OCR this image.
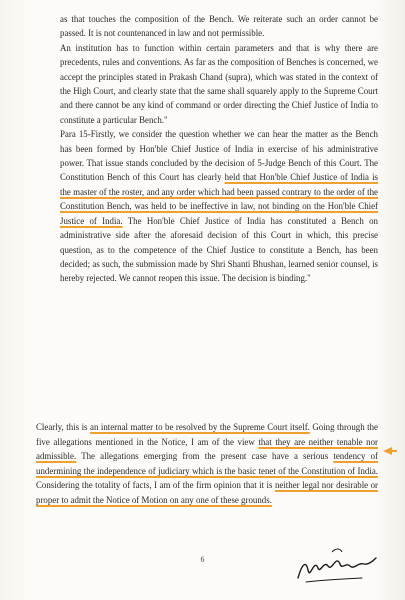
as that touches the composition of the Bench. We reiterate such an order cannot be passed. It is not countenanced in law and not permissible.

An institution has to function within certain parameters and that is why there are precedents, rules and conventions. As far as the composition of Benches is concerned, we accept the principles stated in Prakash Chand (supra), which was stated in the context of the High Court, and clearly state that the same shall squarely apply to the Supreme Court and there cannot be any kind of command or order directing the Chief Justice of India to constitute a particular Bench."

Para 15-Firstly, we consider the question whether we can hear the matter as the Bench has been formed by Hon'ble Chief Justice of India in exercise of his administrative power. That issue stands concluded by the decision of 5-Judge Bench of this Court. The Constitution Bench of this Court has clearly held that Hon'ble Chief Justice of India is the master of the roster, and any order which had been passed contrary to the order of the Constitution Bench, was held to be ineffective in law, not binding on the Hon'ble Chief Justice of India. The Hon'ble Chief Justice of India has constituted a Bench on administrative side after the aforesaid decision of this Court in which, this precise question, as to the competence of the Chief Justice to constitute a Bench, has been decided; as such, the submission made by Shri Shanti Bhushan, learned senior counsel, is hereby rejected. We cannot reopen this issue. The decision is binding."

Clearly, this is an internal matter to be resolved by the Supreme Court itself. Going through the five allegations mentioned in the Notice, I am of the view that they are neither tenable nor admissible. The allegations emerging from the present case have a serious tendency of undermining the independence of judiciary which is the basic tenet of the Constitution of India. Considering the totality of facts, I am of the firm opinion that it is neither legal nor desirable or proper to admit the Notice of Motion on any one of these grounds.
6
